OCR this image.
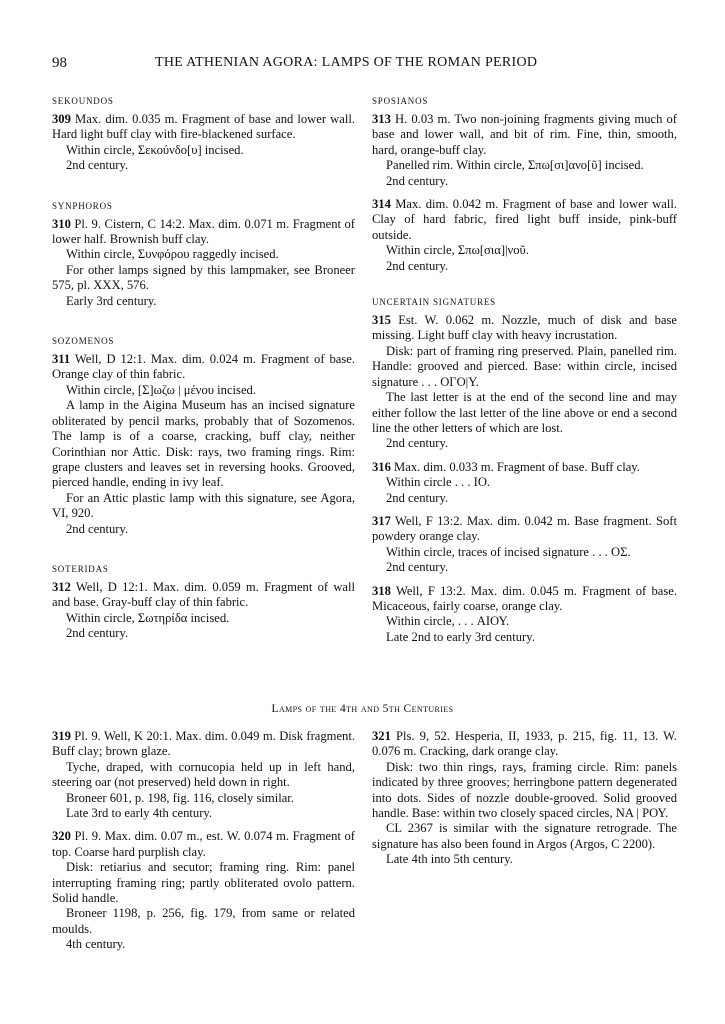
98	THE ATHENIAN AGORA: LAMPS OF THE ROMAN PERIOD
SEKOUNDOS

309 Max. dim. 0.035 m. Fragment of base and lower wall. Hard light buff clay with fire-blackened surface.

Within circle, Σεκούνδο[υ] incised.

2nd century.

SYNPHOROS

310 Pl. 9. Cistern, C 14:2. Max. dim. 0.071 m. Fragment of lower half. Brownish buff clay.

Within circle, Συνφόρου raggedly incised.

For other lamps signed by this lampmaker, see Broneer 575, pl. XXX, 576.

Early 3rd century.

SOZOMENOS

311 Well, D 12:1. Max. dim. 0.024 m. Fragment of base. Orange clay of thin fabric.

Within circle, [Σ]ωζω | μένου incised.

A lamp in the Aigina Museum has an incised signature obliterated by pencil marks, probably that of Sozomenos. The lamp is of a coarse, cracking, buff clay, neither Corinthian nor Attic. Disk: rays, two framing rings. Rim: grape clusters and leaves set in reversing hooks. Grooved, pierced handle, ending in ivy leaf.

For an Attic plastic lamp with this signature, see Agora, VI, 920.

2nd century.

SOTERIDAS

312 Well, D 12:1. Max. dim. 0.059 m. Fragment of wall and base. Gray-buff clay of thin fabric.

Within circle, Σωτηρίδα incised.

2nd century.

SPOSIANOS

313 H. 0.03 m. Two non-joining fragments giving much of base and lower wall, and bit of rim. Fine, thin, smooth, hard, orange-buff clay.

Panelled rim. Within circle, Σπω[σι]ανο[ῦ] incised.

2nd century.

314 Max. dim. 0.042 m. Fragment of base and lower wall. Clay of hard fabric, fired light buff inside, pink-buff outside.

Within circle, Σπω[σια]|νοῦ.

2nd century.

UNCERTAIN SIGNATURES

315 Est. W. 0.062 m. Nozzle, much of disk and base missing. Light buff clay with heavy incrustation.

Disk: part of framing ring preserved. Plain, panelled rim. Handle: grooved and pierced. Base: within circle, incised signature . . . ΟΓΟ|Υ.

The last letter is at the end of the second line and may either follow the last letter of the line above or end a second line the other letters of which are lost.

2nd century.

316 Max. dim. 0.033 m. Fragment of base. Buff clay.

Within circle . . . ΙΟ.

2nd century.

317 Well, F 13:2. Max. dim. 0.042 m. Base fragment. Soft powdery orange clay.

Within circle, traces of incised signature . . . ΟΣ.

2nd century.

318 Well, F 13:2. Max. dim. 0.045 m. Fragment of base. Micaceous, fairly coarse, orange clay.

Within circle, . . . ΑΙΟΥ.

Late 2nd to early 3rd century.

Lamps of the 4th and 5th Centuries

319 Pl. 9. Well, K 20:1. Max. dim. 0.049 m. Disk fragment. Buff clay; brown glaze.

Tyche, draped, with cornucopia held up in left hand, steering oar (not preserved) held down in right.

Broneer 601, p. 198, fig. 116, closely similar.

Late 3rd to early 4th century.

320 Pl. 9. Max. dim. 0.07 m., est. W. 0.074 m. Fragment of top. Coarse hard purplish clay.

Disk: retiarius and secutor; framing ring. Rim: panel interrupting framing ring; partly obliterated ovolo pattern. Solid handle.

Broneer 1198, p. 256, fig. 179, from same or related moulds.

4th century.

321 Pls. 9, 52. Hesperia, II, 1933, p. 215, fig. 11, 13. W. 0.076 m. Cracking, dark orange clay.

Disk: two thin rings, rays, framing circle. Rim: panels indicated by three grooves; herringbone pattern degenerated into dots. Sides of nozzle double-grooved. Solid grooved handle. Base: within two closely spaced circles, ΝΑ | ΡΟΥ.

CL 2367 is similar with the signature retrograde. The signature has also been found in Argos (Argos, C 2200).

Late 4th into 5th century.
